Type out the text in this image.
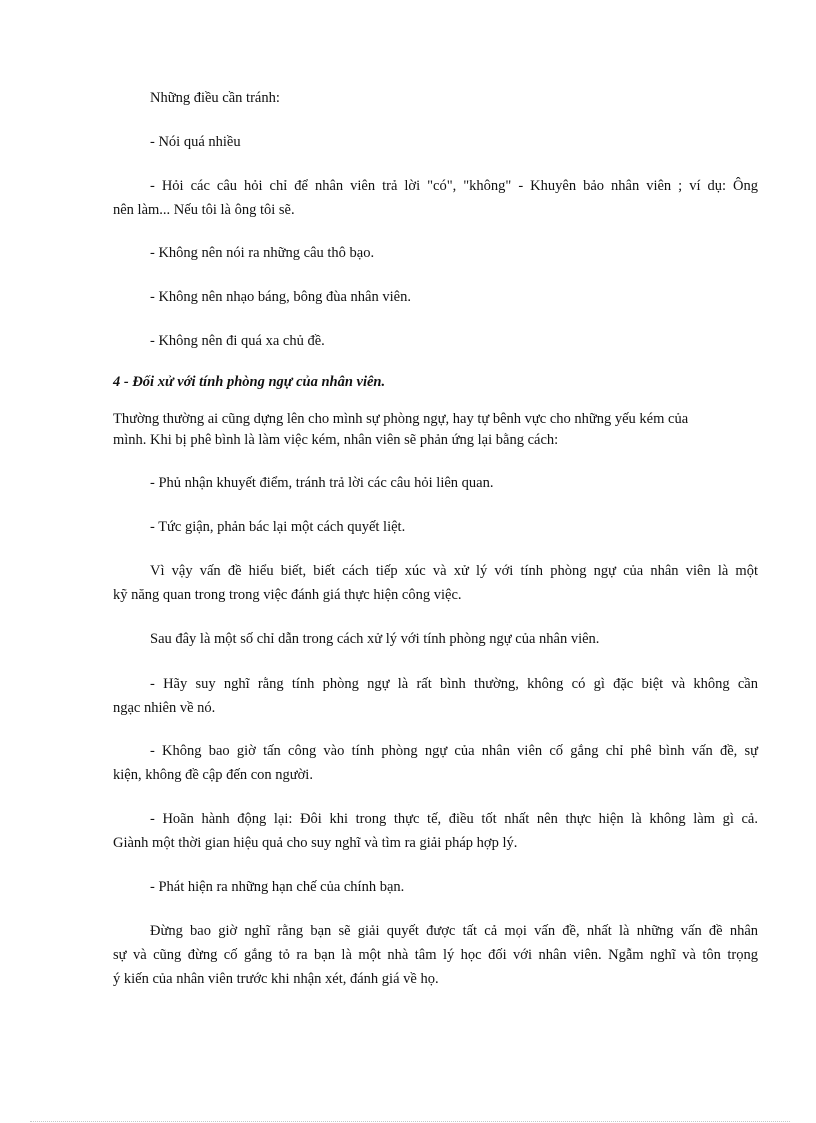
Những điều cần tránh:
- Nói quá nhiều
- Hỏi các câu hỏi chỉ để nhân viên trả lời "có", "không" - Khuyên bảo nhân viên ; ví dụ: Ông
nên làm... Nếu tôi là ông tôi sẽ.
- Không nên nói ra những câu thô bạo.
- Không nên nhạo báng, bông đùa nhân viên.
- Không nên đi quá xa chủ đề.
4 - Đối xử với tính phòng ngự của nhân viên.
Thường thường ai cũng dựng lên cho mình sự phòng ngự, hay tự bênh vực cho những yếu kém của
mình. Khi bị phê bình là làm việc kém, nhân viên sẽ phản ứng lại bằng cách:
- Phủ nhận khuyết điểm, tránh trả lời các câu hỏi liên quan.
- Tức giận, phản bác lại một cách quyết liệt.
Vì vậy vấn đề hiểu biết, biết cách tiếp xúc và xử lý với tính phòng ngự của nhân viên là một
kỹ năng quan trong trong việc đánh giá thực hiện công việc.
Sau đây là một số chỉ dẫn trong cách xử lý với tính phòng ngự của nhân viên.
- Hãy suy nghĩ rằng tính phòng ngự là rất bình thường, không có gì đặc biệt và không cần
ngạc nhiên về nó.
- Không bao giờ tấn công vào tính phòng ngự của nhân viên cố gắng chỉ phê bình vấn đề, sự
kiện, không đề cập đến con người.
- Hoãn hành động lại: Đôi khi trong thực tế, điều tốt nhất nên thực hiện là không làm gì cả.
Giành một thời gian hiệu quả cho suy nghĩ và tìm ra giải pháp hợp lý.
- Phát hiện ra những hạn chế của chính bạn.
Đừng bao giờ nghĩ rằng bạn sẽ giải quyết được tất cả mọi vấn đề, nhất là những vấn đề nhân
sự và cũng đừng cố gắng tỏ ra bạn là một nhà tâm lý học đối với nhân viên. Ngẫm nghĩ và tôn trọng
ý kiến của nhân viên trước khi nhận xét, đánh giá về họ.
